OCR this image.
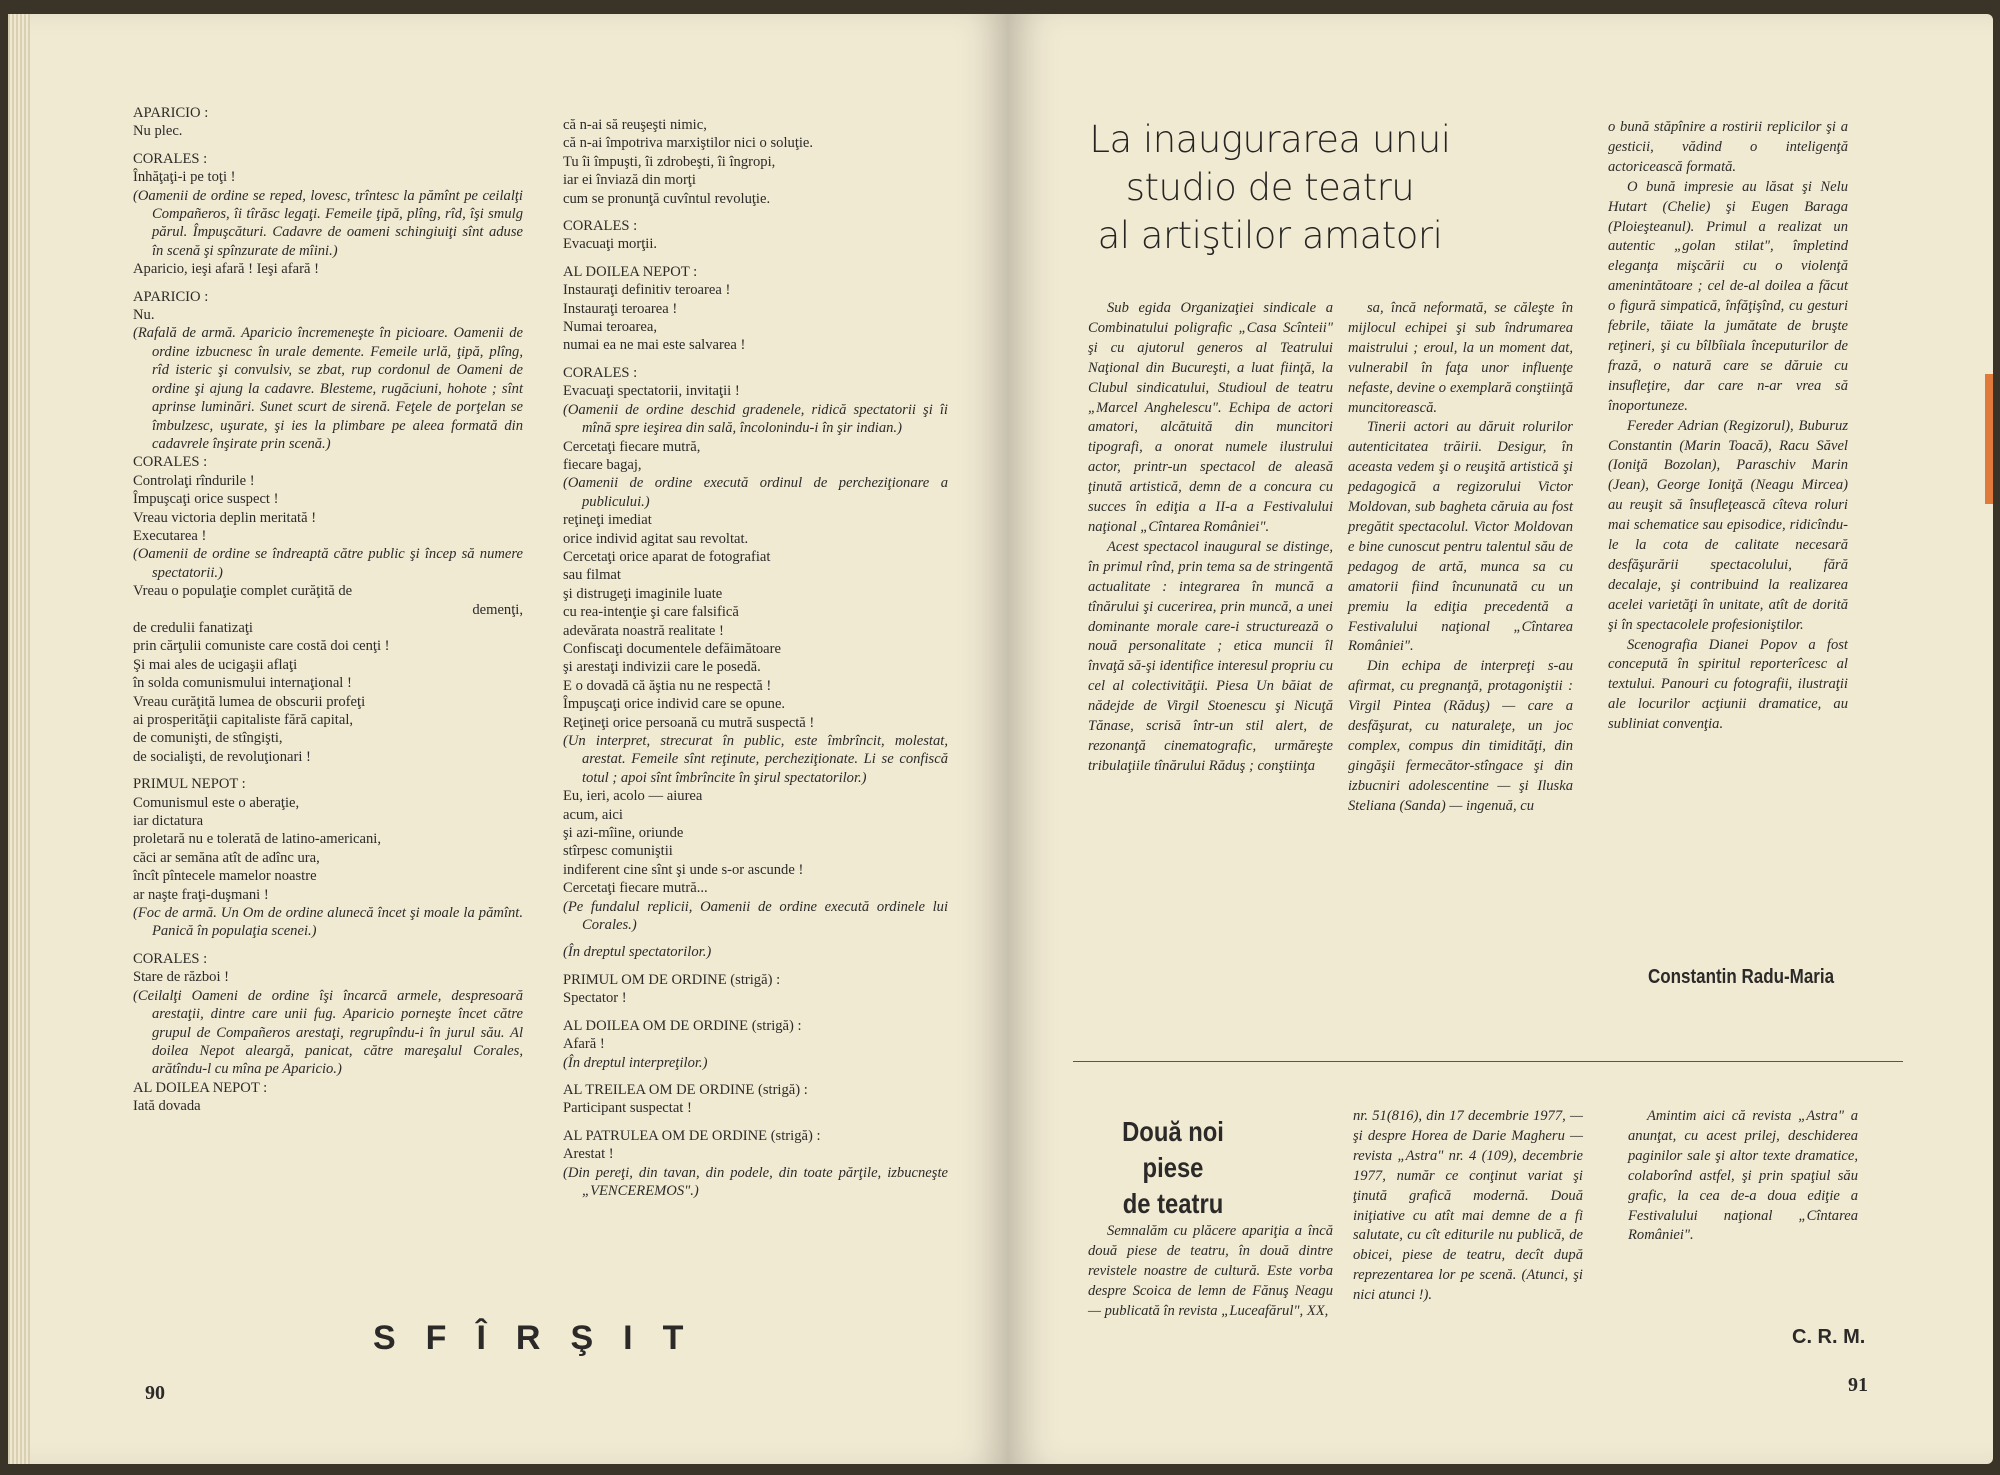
APARICIO :

Nu plec.

CORALES :

Înhăţaţi-i pe toţi !

(Oamenii de ordine se reped, lovesc, trîntesc la pămînt pe ceilalţi Compañeros, îi tîrăsc legaţi. Femeile ţipă, plîng, rîd, îşi smulg părul. Împuşcături. Cadavre de oameni schingiuiţi sînt aduse în scenă şi spînzurate de mîini.)

Aparicio, ieşi afară ! Ieşi afară !

APARICIO :

Nu.

(Rafală de armă. Aparicio încremeneşte în picioare. Oamenii de ordine izbucnesc în urale demente. Femeile urlă, ţipă, plîng, rîd isteric şi convulsiv, se zbat, rup cordonul de Oameni de ordine şi ajung la cadavre. Blesteme, rugăciuni, hohote ; sînt aprinse luminări. Sunet scurt de sirenă. Feţele de porţelan se îmbulzesc, uşurate, şi ies la plimbare pe aleea formată din cadavrele înşirate prin scenă.)

CORALES :

Controlaţi rîndurile !

Împuşcaţi orice suspect !

Vreau victoria deplin meritată !

Executarea !

(Oamenii de ordine se îndreaptă către public şi încep să numere spectatorii.)

Vreau o populaţie complet curăţită de

demenţi,

de credulii fanatizaţi

prin cărţulii comuniste care costă doi cenţi !

Şi mai ales de ucigaşii aflaţi

în solda comunismului internaţional !

Vreau curăţită lumea de obscurii profeţi

ai prosperităţii capitaliste fără capital,

de comunişti, de stîngişti,

de socialişti, de revoluţionari !

PRIMUL NEPOT :

Comunismul este o aberaţie,

iar dictatura

proletară nu e tolerată de latino-americani,

căci ar semăna atît de adînc ura,

încît pîntecele mamelor noastre

ar naşte fraţi-duşmani !

(Foc de armă. Un Om de ordine alunecă încet şi moale la pămînt. Panică în populaţia scenei.)

CORALES :

Stare de război !

(Ceilalţi Oameni de ordine îşi încarcă armele, despresoară arestaţii, dintre care unii fug. Aparicio porneşte încet către grupul de Compañeros arestaţi, regrupîndu-i în jurul său. Al doilea Nepot aleargă, panicat, către mareşalul Corales, arătîndu-l cu mîna pe Aparicio.)

AL DOILEA NEPOT :

Iată dovada

că n-ai să reuşeşti nimic,

că n-ai împotriva marxiştilor nici o soluţie.

Tu îi împuşti, îi zdrobeşti, îi îngropi,

iar ei înviază din morţi

cum se pronunţă cuvîntul revoluţie.

CORALES :

Evacuaţi morţii.

AL DOILEA NEPOT :

Instauraţi definitiv teroarea !

Instauraţi teroarea !

Numai teroarea,

numai ea ne mai este salvarea !

CORALES :

Evacuaţi spectatorii, invitaţii !

(Oamenii de ordine deschid gradenele, ridică spectatorii şi îi mînă spre ieşirea din sală, încolonindu-i în şir indian.)

Cercetaţi fiecare mutră,

fiecare bagaj,

(Oamenii de ordine execută ordinul de percheziţionare a publicului.)

reţineţi imediat

orice individ agitat sau revoltat.

Cercetaţi orice aparat de fotografiat

sau filmat

şi distrugeţi imaginile luate

cu rea-intenţie şi care falsifică

adevărata noastră realitate !

Confiscaţi documentele defăimătoare

şi arestaţi indivizii care le posedă.

E o dovadă că ăştia nu ne respectă !

Împuşcaţi orice individ care se opune.

Reţineţi orice persoană cu mutră suspectă !

(Un interpret, strecurat în public, este îmbrîncit, molestat, arestat. Femeile sînt reţinute, percheziţionate. Li se confiscă totul ; apoi sînt îmbrîncite în şirul spectatorilor.)

Eu, ieri, acolo — aiurea

acum, aici

şi azi-mîine, oriunde

stîrpesc comuniştii

indiferent cine sînt şi unde s-or ascunde !

Cercetaţi fiecare mutră...

(Pe fundalul replicii, Oamenii de ordine execută ordinele lui Corales.)

(În dreptul spectatorilor.)

PRIMUL OM DE ORDINE (strigă) :

Spectator !

AL DOILEA OM DE ORDINE (strigă) :

Afară !

(În dreptul interpreţilor.)

AL TREILEA OM DE ORDINE (strigă) :

Participant suspectat !

AL PATRULEA OM DE ORDINE (strigă) :

Arestat !

(Din pereţi, din tavan, din podele, din toate părţile, izbucneşte „VENCEREMOS".)

SFÎRŞIT
90
La inaugurarea unui
studio de teatru
al artiştilor amatori

Sub egida Organizaţiei sindicale a Combinatului poligrafic „Casa Scînteii" şi cu ajutorul generos al Teatrului Naţional din Bucureşti, a luat fiinţă, la Clubul sindicatului, Studioul de teatru „Marcel Anghelescu". Echipa de actori amatori, alcătuită din muncitori tipografi, a onorat numele ilustrului actor, printr-un spectacol de aleasă ţinută artistică, demn de a concura cu succes în ediţia a II-a a Festivalului naţional „Cîntarea României".

Acest spectacol inaugural se distinge, în primul rînd, prin tema sa de stringentă actualitate : integrarea în muncă a tînărului şi cucerirea, prin muncă, a unei dominante morale care-i structurează o nouă personalitate ; etica muncii îl învaţă să-şi identifice interesul propriu cu cel al colectivităţii. Piesa Un băiat de nădejde de Virgil Stoenescu şi Nicuţă Tănase, scrisă într-un stil alert, de rezonanţă cinematografic, urmăreşte tribulaţiile tînărului Răduş ; conştiinţa

sa, încă neformată, se căleşte în mijlocul echipei şi sub îndrumarea maistrului ; eroul, la un moment dat, vulnerabil în faţa unor influenţe nefaste, devine o exemplară conştiinţă muncitorească.

Tinerii actori au dăruit rolurilor autenticitatea trăirii. Desigur, în aceasta vedem şi o reuşită artistică şi pedagogică a regizorului Victor Moldovan, sub bagheta căruia au fost pregătit spectacolul. Victor Moldovan e bine cunoscut pentru talentul său de pedagog de artă, munca sa cu amatorii fiind încununată cu un premiu la ediţia precedentă a Festivalului naţional „Cîntarea României".

Din echipa de interpreţi s-au afirmat, cu pregnanţă, protagoniştii : Virgil Pintea (Răduş) — care a desfăşurat, cu naturaleţe, un joc complex, compus din timidităţi, din gingăşii fermecător-stîngace şi din izbucniri adolescentine — şi Iluska Steliana (Sanda) — ingenuă, cu

o bună stăpînire a rostirii replicilor şi a gesticii, vădind o inteligenţă actoricească formată.

O bună impresie au lăsat şi Nelu Hutart (Chelie) şi Eugen Baraga (Ploieşteanul). Primul a realizat un autentic „golan stilat", împletind eleganţa mişcării cu o violenţă amenintătoare ; cel de-al doilea a făcut o figură simpatică, înfăţişînd, cu gesturi febrile, tăiate la jumătate de bruşte reţineri, şi cu bîlbîiala începuturilor de frază, o natură care se dăruie cu insufleţire, dar care n-ar vrea să înoportuneze.

Fereder Adrian (Regizorul), Buburuz Constantin (Marin Toacă), Racu Săvel (Ioniţă Bozolan), Paraschiv Marin (Jean), George Ioniţă (Neagu Mircea) au reuşit să însufleţească cîteva roluri mai schematice sau episodice, ridicîndu-le la cota de calitate necesară desfăşurării spectacolului, fără decalaje, şi contribuind la realizarea acelei varietăţi în unitate, atît de dorită şi în spectacolele profesioniştilor.

Scenografia Dianei Popov a fost concepută în spiritul reporterîcesc al textului. Panouri cu fotografii, ilustraţii ale locurilor acţiunii dramatice, au subliniat convenţia.

Constantin Radu-Maria
Două noi piese
de teatru

Semnalăm cu plăcere apariţia a încă două piese de teatru, în două dintre revistele noastre de cultură. Este vorba despre Scoica de lemn de Fănuş Neagu — publicată în revista „Luceafărul", XX,

nr. 51(816), din 17 decembrie 1977, — şi despre Horea de Darie Magheru — revista „Astra" nr. 4 (109), decembrie 1977, număr ce conţinut variat şi ţinută grafică modernă. Două iniţiative cu atît mai demne de a fi salutate, cu cît editurile nu publică, de obicei, piese de teatru, decît după reprezentarea lor pe scenă. (Atunci, şi nici atunci !).

Amintim aici că revista „Astra" a anunţat, cu acest prilej, deschiderea paginilor sale şi altor texte dramatice, colaborînd astfel, şi prin spaţiul său grafic, la cea de-a doua ediţie a Festivalului naţional „Cîntarea României".

C. R. M.
91
